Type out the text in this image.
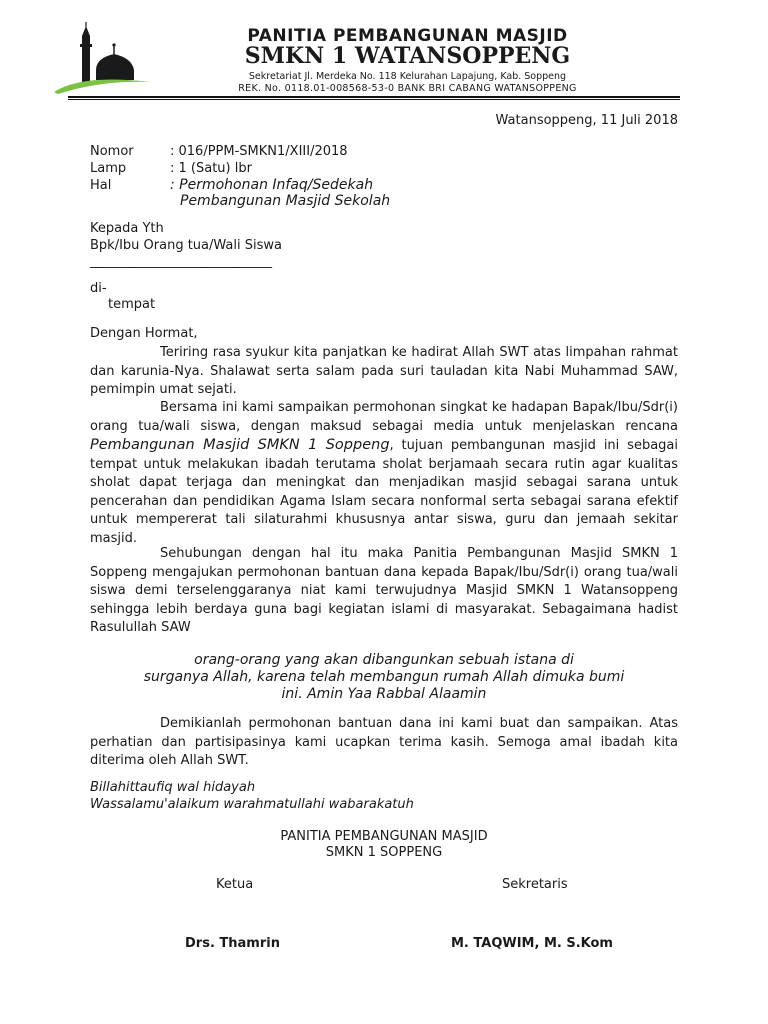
PANITIA PEMBANGUNAN MASJID
SMKN 1 WATANSOPPENG
Sekretariat Jl. Merdeka No. 118 Kelurahan Lapajung, Kab. Soppeng
REK. No. 0118.01-008568-53-0 BANK BRI CABANG WATANSOPPENG
Watansoppeng, 11 Juli 2018
Nomor	: 016/PPM-SMKN1/XIII/2018
Lamp	: 1 (Satu) lbr
Hal	: Permohonan Infaq/Sedekah
Pembangunan Masjid Sekolah
Kepada Yth
Bpk/Ibu Orang tua/Wali Siswa
____________________________
di-
tempat
Dengan Hormat,
Teriring rasa syukur kita panjatkan ke hadirat Allah SWT atas limpahan rahmat dan karunia-Nya. Shalawat serta salam pada suri tauladan kita Nabi Muhammad SAW, pemimpin umat sejati.
Bersama ini kami sampaikan permohonan singkat ke hadapan Bapak/Ibu/Sdr(i) orang tua/wali siswa, dengan maksud sebagai media untuk menjelaskan rencana Pembangunan Masjid SMKN 1 Soppeng, tujuan pembangunan masjid ini sebagai tempat untuk melakukan ibadah terutama sholat berjamaah secara rutin agar kualitas sholat dapat terjaga dan meningkat dan menjadikan masjid sebagai sarana untuk pencerahan dan pendidikan Agama Islam secara nonformal serta sebagai sarana efektif untuk mempererat tali silaturahmi khususnya antar siswa, guru dan jemaah sekitar masjid.
Sehubungan dengan hal itu maka Panitia Pembangunan Masjid SMKN 1 Soppeng mengajukan permohonan bantuan dana kepada Bapak/Ibu/Sdr(i) orang tua/wali siswa demi terselenggaranya niat kami terwujudnya Masjid SMKN 1 Watansoppeng sehingga lebih berdaya guna bagi kegiatan islami di masyarakat. Sebagaimana hadist Rasulullah SAW
orang-orang yang akan dibangunkan sebuah istana di
surganya Allah, karena telah membangun rumah Allah dimuka bumi
ini. Amin Yaa Rabbal Alaamin
Demikianlah permohonan bantuan dana ini kami buat dan sampaikan. Atas perhatian dan partisipasinya kami ucapkan terima kasih. Semoga amal ibadah kita diterima oleh Allah SWT.
Billahittaufiq wal hidayah
Wassalamu'alaikum warahmatullahi wabarakatuh
PANITIA PEMBANGUNAN MASJID
SMKN 1 SOPPENG
Ketua	Sekretaris
Drs. Thamrin	M. TAQWIM, M. S.Kom
